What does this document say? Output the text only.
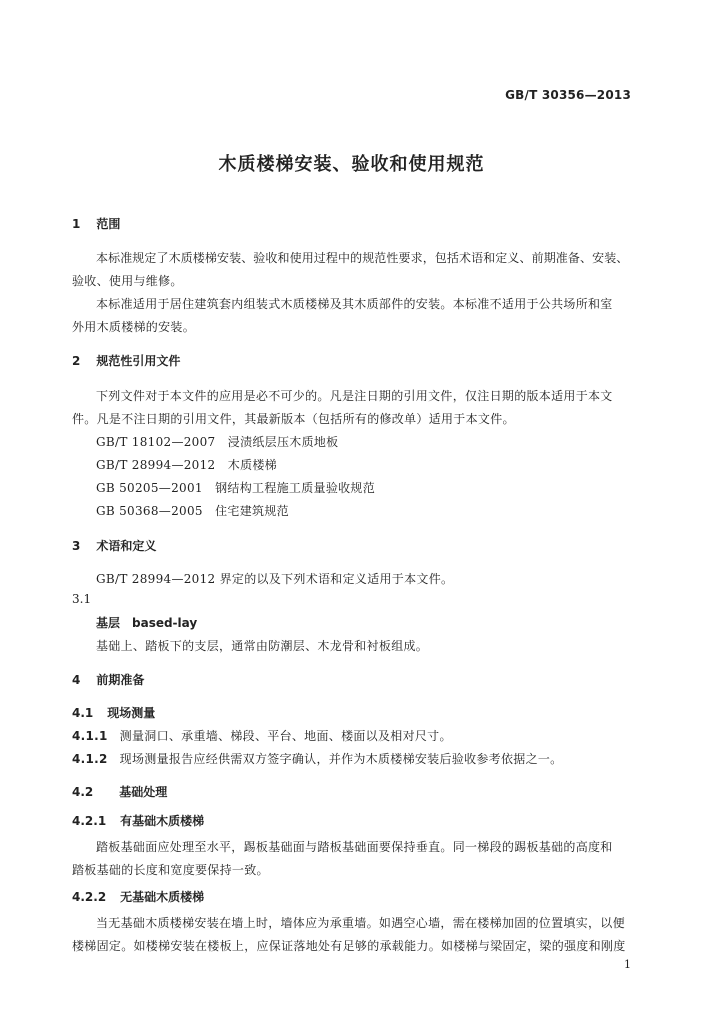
GB/T 30356—2013
木质楼梯安装、验收和使用规范
1 范围
本标准规定了木质楼梯安装、验收和使用过程中的规范性要求，包括术语和定义、前期准备、安装、
验收、使用与维修。
本标准适用于居住建筑套内组装式木质楼梯及其木质部件的安装。本标准不适用于公共场所和室
外用木质楼梯的安装。
2 规范性引用文件
下列文件对于本文件的应用是必不可少的。凡是注日期的引用文件，仅注日期的版本适用于本文
件。凡是不注日期的引用文件，其最新版本（包括所有的修改单）适用于本文件。
GB/T 18102—2007　浸渍纸层压木质地板
GB/T 28994—2012　木质楼梯
GB 50205—2001　钢结构工程施工质量验收规范
GB 50368—2005　住宅建筑规范
3 术语和定义
GB/T 28994—2012 界定的以及下列术语和定义适用于本文件。
3.1
基层　based-lay
基础上、踏板下的支层，通常由防潮层、木龙骨和衬板组成。
4 前期准备
4.1 现场测量
4.1.1 测量洞口、承重墙、梯段、平台、地面、楼面以及相对尺寸。
4.1.2 现场测量报告应经供需双方签字确认，并作为木质楼梯安装后验收参考依据之一。
4.2 基础处理
4.2.1 有基础木质楼梯
踏板基础面应处理至水平，踢板基础面与踏板基础面要保持垂直。同一梯段的踢板基础的高度和
踏板基础的长度和宽度要保持一致。
4.2.2 无基础木质楼梯
当无基础木质楼梯安装在墙上时，墙体应为承重墙。如遇空心墙，需在楼梯加固的位置填实，以便
楼梯固定。如楼梯安装在楼板上，应保证落地处有足够的承载能力。如楼梯与梁固定，梁的强度和刚度
1
